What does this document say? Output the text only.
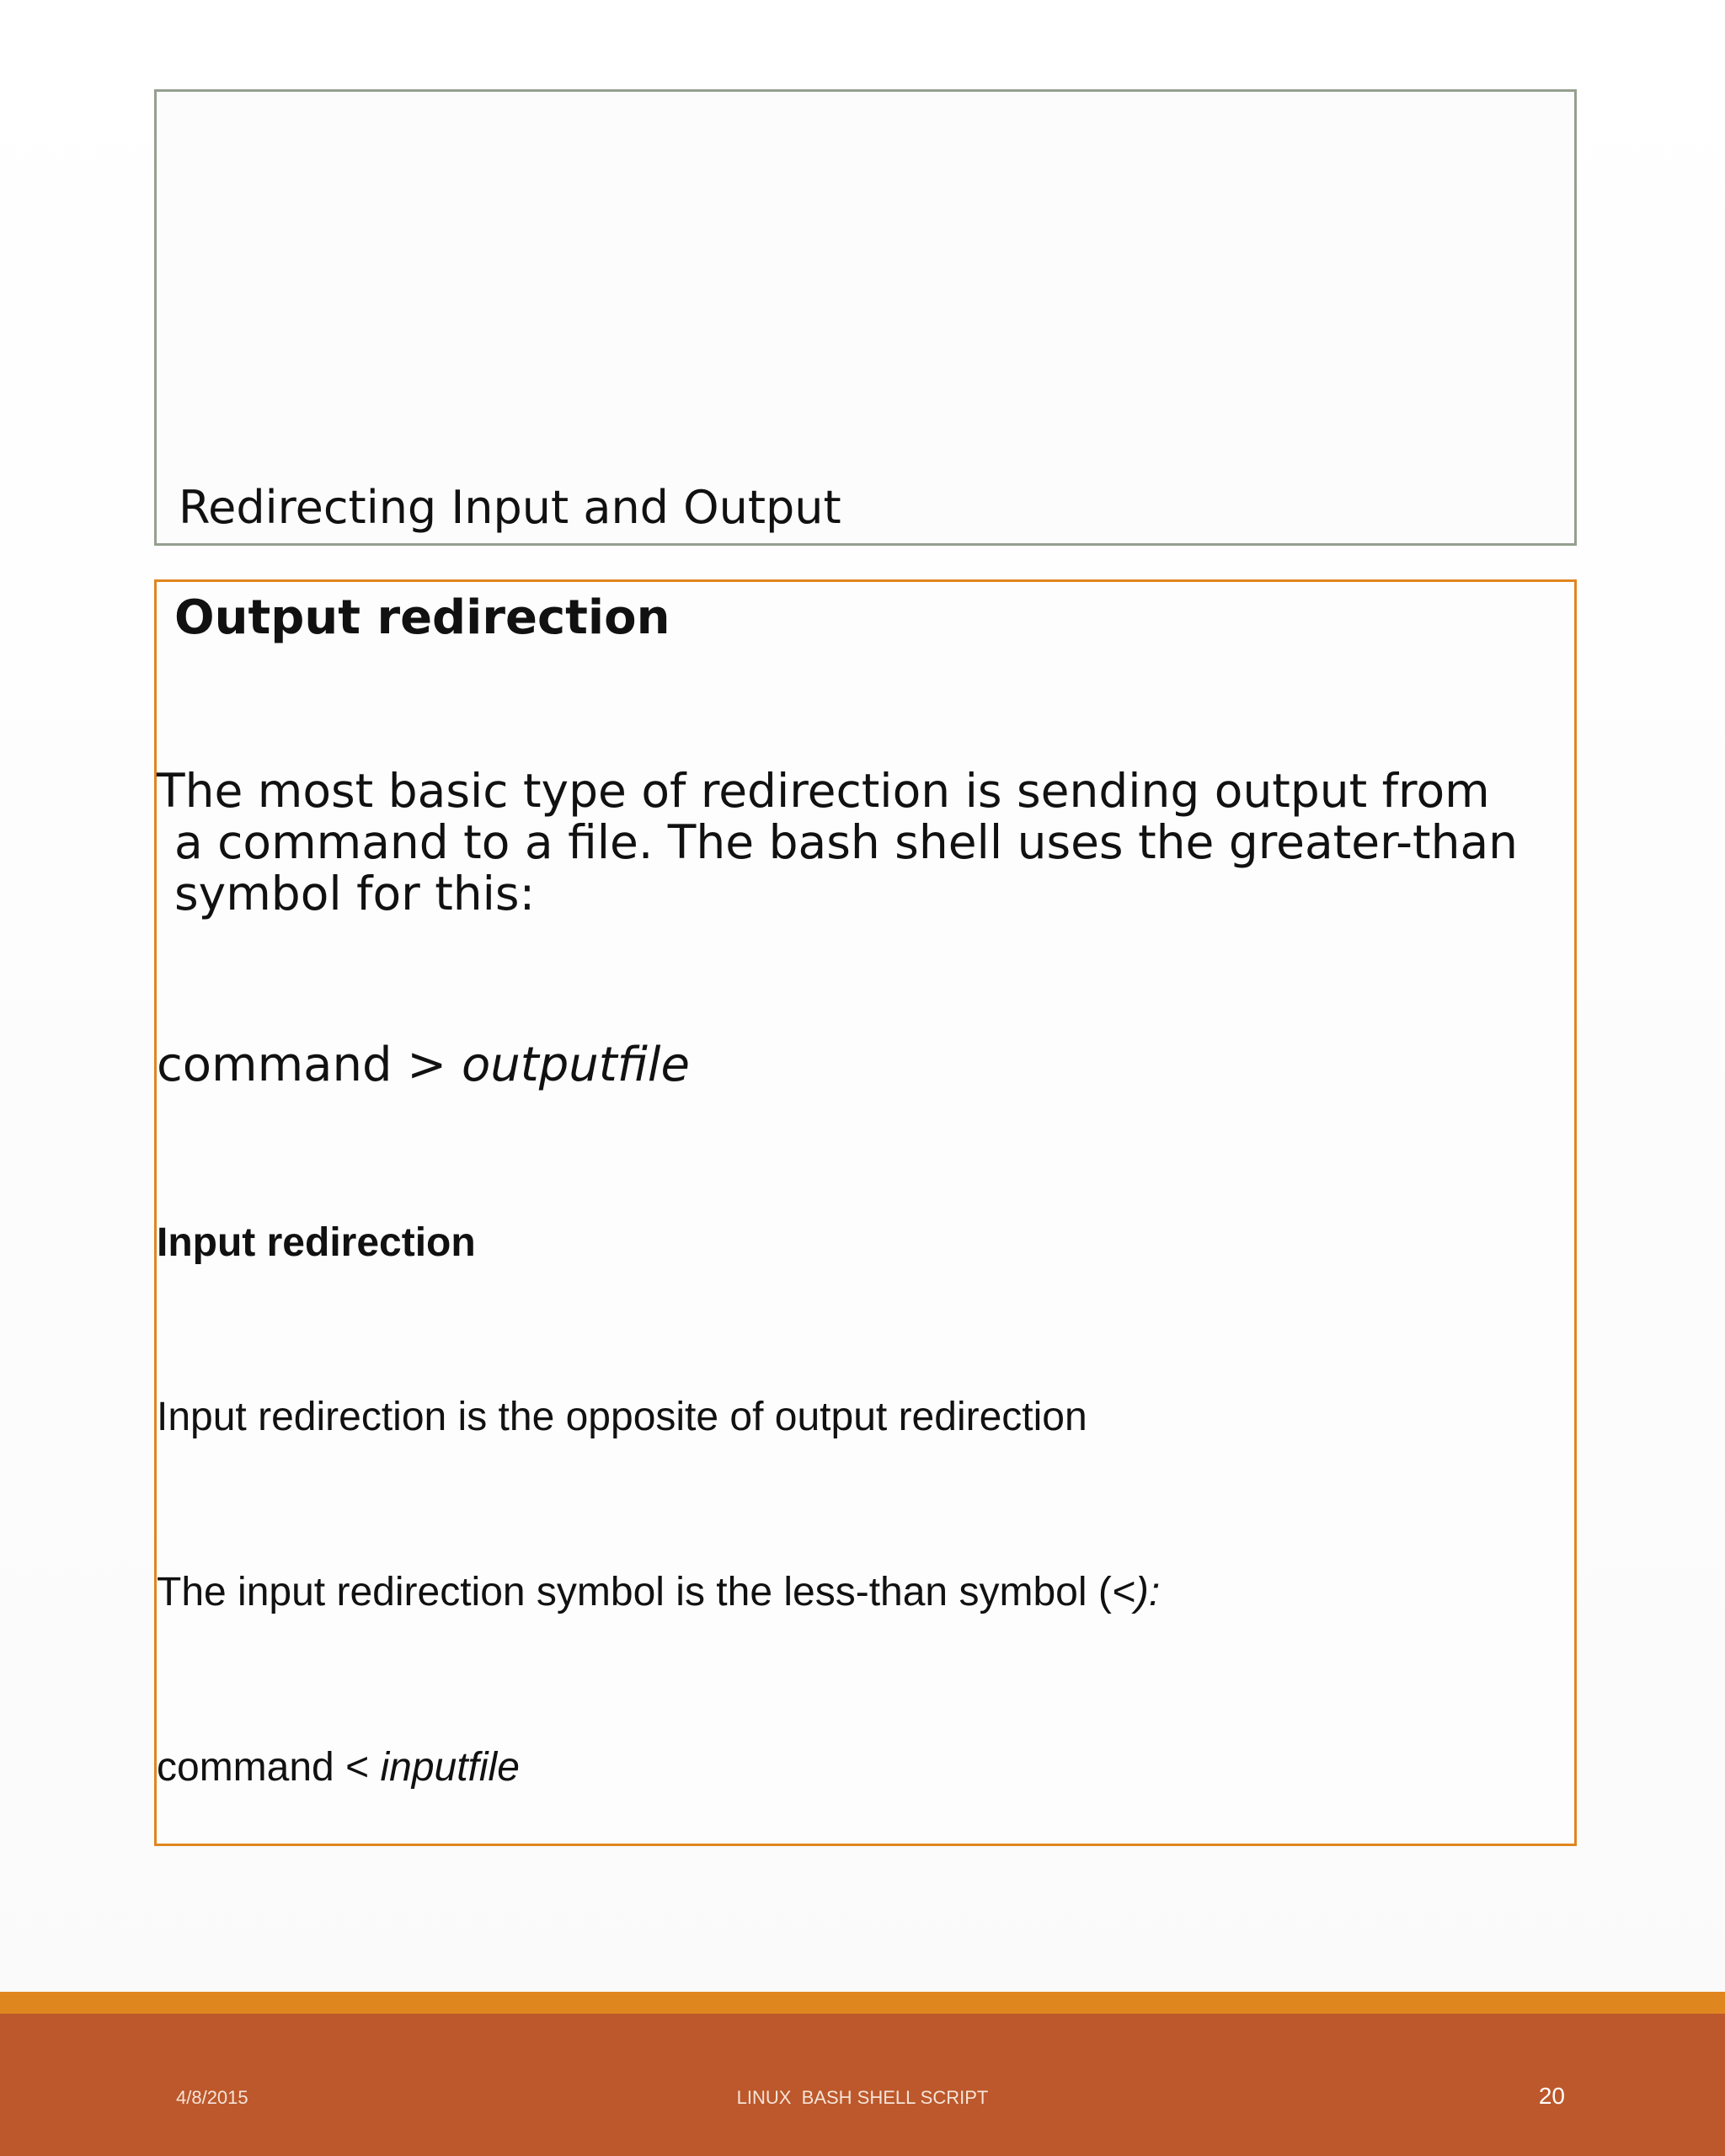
Redirecting Input and Output
Output redirection
The most basic type of redirection is sending output from
a command to a file. The bash shell uses the greater-than
symbol for this:
command > outputfile
Input redirection
Input redirection is the opposite of output redirection
The input redirection symbol is the less-than symbol (<):
command < inputfile
4/8/2015	LINUX  BASH SHELL SCRIPT	20
